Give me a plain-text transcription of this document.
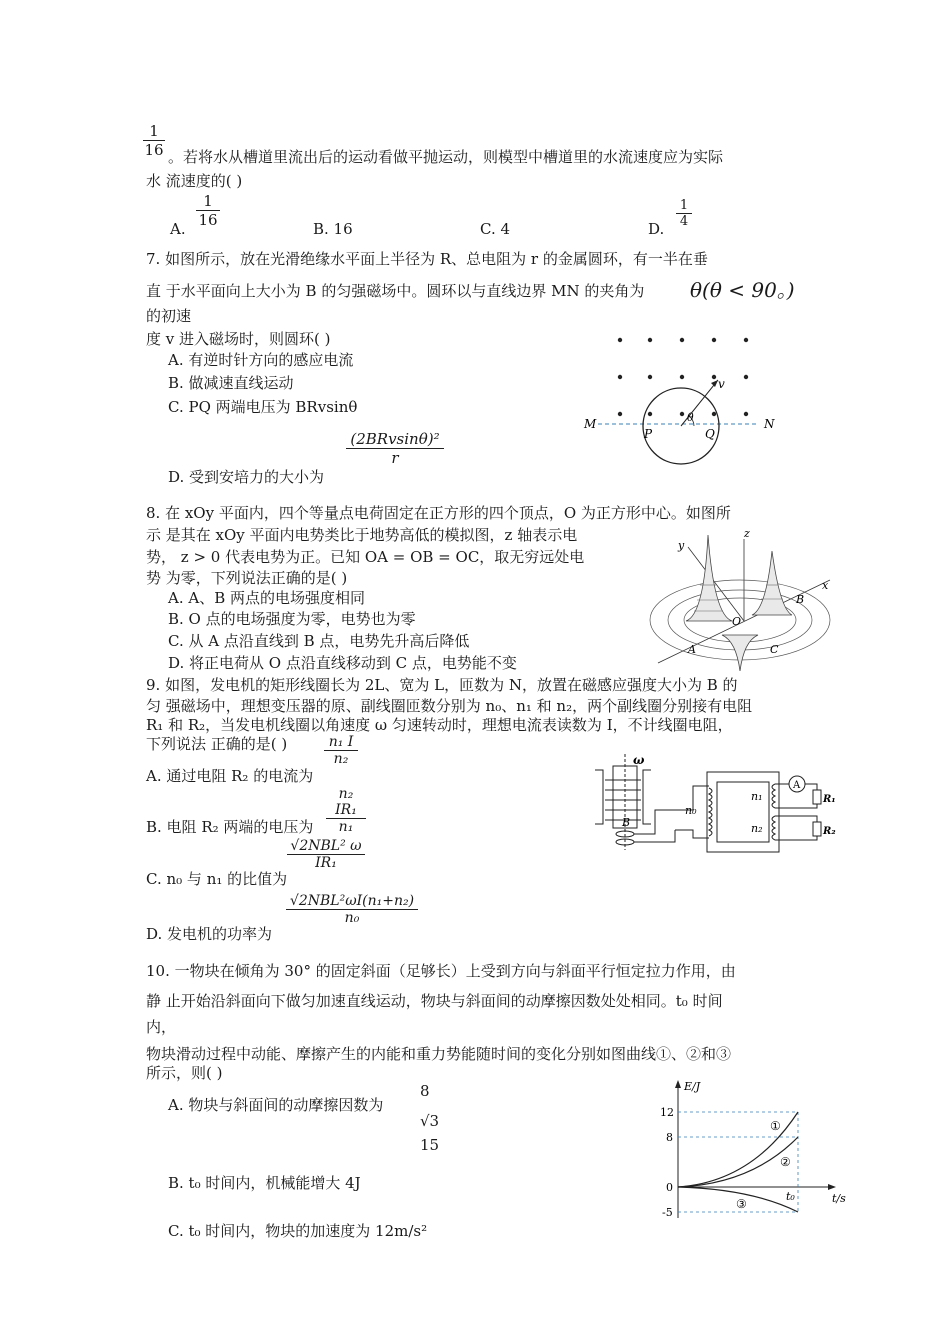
$\frac{1}{16}$ 。若将水从槽道里流出后的运动看做平抛运动，则模型中槽道里的水流速度应为实际
水 流速度的( )
A. $\frac{1}{16}$	B. 16	C. 4	D. $\frac{1}{4}$
7. 如图所示，放在光滑绝缘水平面上半径为 R、总电阻为 r 的金属圆环，有一半在垂
直 于水平面向上大小为 B 的匀强磁场中。圆环以与直线边界 MN 的夹角为 θ(θ < 90。)
的初速
度 v 进入磁场时，则圆环( )
A. 有逆时针方向的感应电流
B. 做减速直线运动
C. PQ 两端电压为 BRvsinθ
(2BRvsinθ)²
r
D. 受到安培力的大小为
M	N
P	Q
θ
v
8. 在 xOy 平面内，四个等量点电荷固定在正方形的四个顶点，O 为正方形中心。如图所
示 是其在 xOy 平面内电势类比于地势高低的模拟图，z 轴表示电
势， z > 0 代表电势为正。已知 OA = OB = OC，取无穷远处电
势 为零，下列说法正确的是( )
A. A、B 两点的电场强度相同
B. O 点的电场强度为零，电势也为零
C. 从 A 点沿直线到 B 点，电势先升高后降低
D. 将正电荷从 O 点沿直线移动到 C 点，电势能不变
y
z
x
O
A
B
C
9. 如图，发电机的矩形线圈长为 2L、宽为 L，匝数为 N，放置在磁感应强度大小为 B 的
匀 强磁场中，理想变压器的原、副线圈匝数分别为 n₀、n₁ 和 n₂，两个副线圈分别接有电阻
R₁ 和 R₂，当发电机线圈以角速度 ω 匀速转动时，理想电流表读数为 I，不计线圈电阻，
下列说法 正确的是( )
A. 通过电阻 R₂ 的电流为
$\frac{\text{n₁ I}}{\text{n₂}}$
B. 电阻 R₂ 两端的电压为 $\frac{\text{n₂ IR₁}}{\text{n₁}}$
C. n₀ 与 n₁ 的比值为
√2NBL² ω
IR₁
D. 发电机的功率为
√2NBL²ωI(n₁+n₂)
n₀
ω
B
n₀
n₁
n₂
A
R₁
R₂
10. 一物块在倾角为 30° 的固定斜面（足够长）上受到方向与斜面平行恒定拉力作用，由
静 止开始沿斜面向下做匀加速直线运动，物块与斜面间的动摩擦因数处处相同。t₀ 时间
内，
物块滑动过程中动能、摩擦产生的内能和重力势能随时间的变化分别如图曲线①、②和③
所示，则( )
A. 物块与斜面间的动摩擦因数为
8
√3
15
B. t₀ 时间内，机械能增大 4J
C. t₀ 时间内，物块的加速度为 12m/s²
E/J
t/s
12
8
0
-5
t₀
①
②
③
